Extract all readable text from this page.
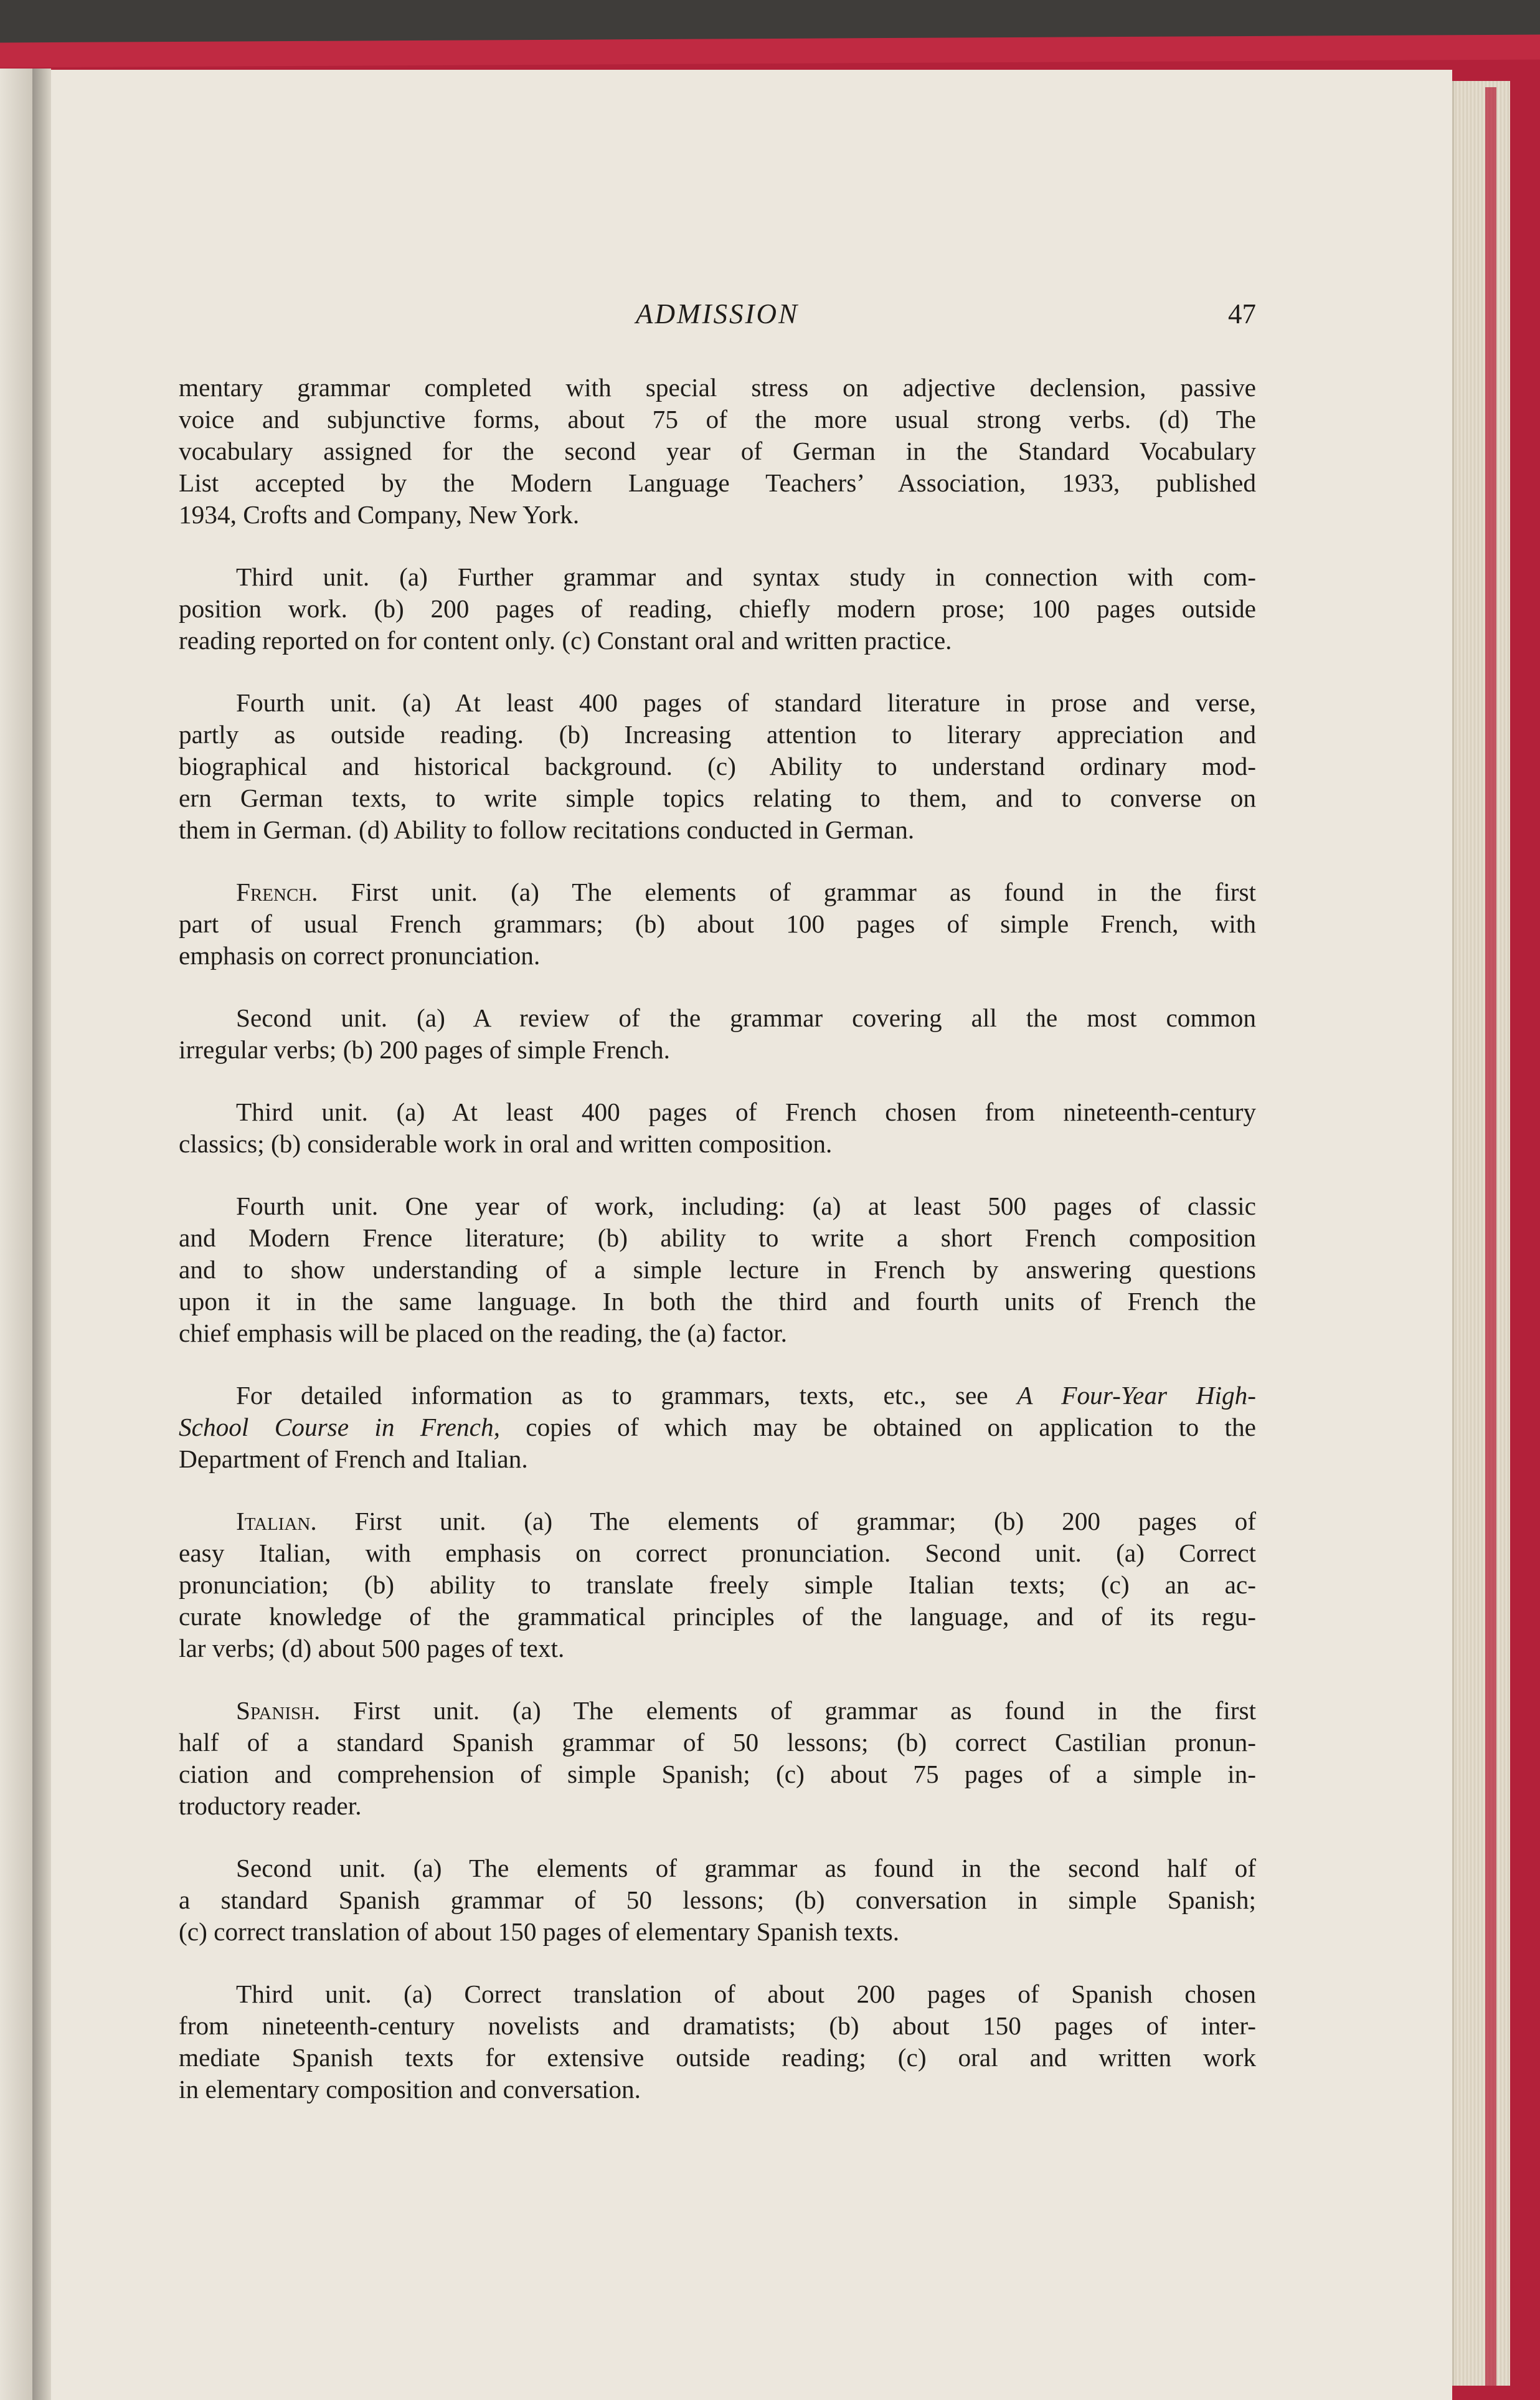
ADMISSION	47
mentary grammar completed with special stress on adjective declension, passive
voice and subjunctive forms, about 75 of the more usual strong verbs. (d) The
vocabulary assigned for the second year of German in the Standard Vocabulary
List accepted by the Modern Language Teachers’ Association, 1933, published
1934, Crofts and Company, New York.
Third unit. (a) Further grammar and syntax study in connection with com-
position work. (b) 200 pages of reading, chiefly modern prose; 100 pages outside
reading reported on for content only. (c) Constant oral and written practice.
Fourth unit. (a) At least 400 pages of standard literature in prose and verse,
partly as outside reading. (b) Increasing attention to literary appreciation and
biographical and historical background. (c) Ability to understand ordinary mod-
ern German texts, to write simple topics relating to them, and to converse on
them in German. (d) Ability to follow recitations conducted in German.
French. First unit. (a) The elements of grammar as found in the first
part of usual French grammars; (b) about 100 pages of simple French, with
emphasis on correct pronunciation.
Second unit. (a) A review of the grammar covering all the most common
irregular verbs; (b) 200 pages of simple French.
Third unit. (a) At least 400 pages of French chosen from nineteenth-century
classics; (b) considerable work in oral and written composition.
Fourth unit. One year of work, including: (a) at least 500 pages of classic
and Modern Frence literature; (b) ability to write a short French composition
and to show understanding of a simple lecture in French by answering questions
upon it in the same language. In both the third and fourth units of French the
chief emphasis will be placed on the reading, the (a) factor.
For detailed information as to grammars, texts, etc., see A Four-Year High-
School Course in French, copies of which may be obtained on application to the
Department of French and Italian.
Italian. First unit. (a) The elements of grammar; (b) 200 pages of
easy Italian, with emphasis on correct pronunciation. Second unit. (a) Correct
pronunciation; (b) ability to translate freely simple Italian texts; (c) an ac-
curate knowledge of the grammatical principles of the language, and of its regu-
lar verbs; (d) about 500 pages of text.
Spanish. First unit. (a) The elements of grammar as found in the first
half of a standard Spanish grammar of 50 lessons; (b) correct Castilian pronun-
ciation and comprehension of simple Spanish; (c) about 75 pages of a simple in-
troductory reader.
Second unit. (a) The elements of grammar as found in the second half of
a standard Spanish grammar of 50 lessons; (b) conversation in simple Spanish;
(c) correct translation of about 150 pages of elementary Spanish texts.
Third unit. (a) Correct translation of about 200 pages of Spanish chosen
from nineteenth-century novelists and dramatists; (b) about 150 pages of inter-
mediate Spanish texts for extensive outside reading; (c) oral and written work
in elementary composition and conversation.
